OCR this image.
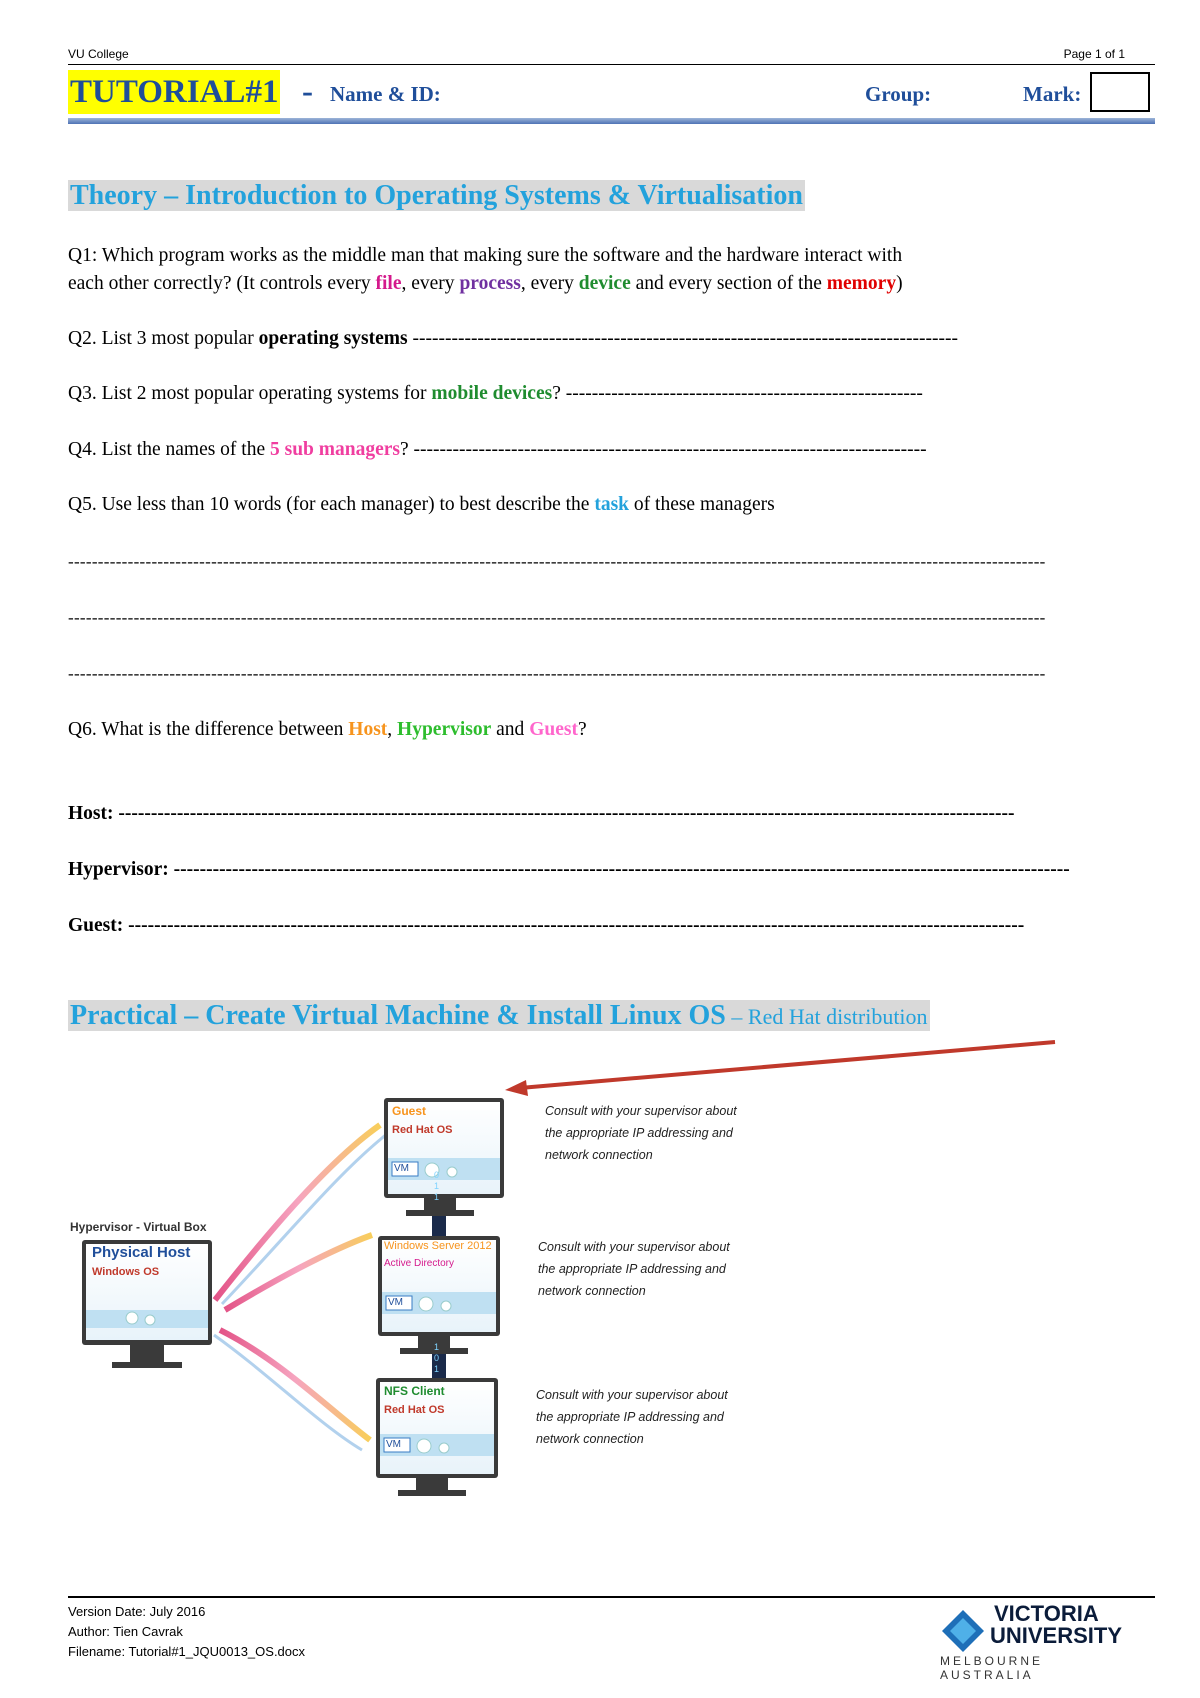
VU College	Page 1 of 1
TUTORIAL#1 - Name & ID:	Group:	Mark:
Theory – Introduction to Operating Systems & Virtualisation
Q1: Which program works as the middle man that making sure the software and the hardware interact with
each other correctly? (It controls every file, every process, every device and every section of the memory)
Q2. List 3 most popular operating systems ------------------------------------------------------------------------------------
Q3. List 2 most popular operating systems for mobile devices? -------------------------------------------------------
Q4. List the names of the 5 sub managers? -------------------------------------------------------------------------------
Q5. Use less than 10 words (for each manager) to best describe the task of these managers
--------------------------------------------------------------------------------------------------------------------------------------------------------------------
--------------------------------------------------------------------------------------------------------------------------------------------------------------------
--------------------------------------------------------------------------------------------------------------------------------------------------------------------
Q6. What is the difference between Host, Hypervisor and Guest?
Host: ------------------------------------------------------------------------------------------------------------------------------------------
Hypervisor: ------------------------------------------------------------------------------------------------------------------------------------------
Guest: ------------------------------------------------------------------------------------------------------------------------------------------
Practical – Create Virtual Machine & Install Linux OS – Red Hat distribution
Hypervisor - Virtual Box
Physical Host
Windows OS
Guest
Red Hat OS
VM
Windows Server 2012
Active Directory
VM
NFS Client
Red Hat OS
VM
0 1 1
1 0 1
Consult with your supervisor about
the appropriate IP addressing and
network connection
Consult with your supervisor about
the appropriate IP addressing and
network connection
Consult with your supervisor about
the appropriate IP addressing and
network connection
Version Date: July 2016
Author: Tien Cavrak
Filename: Tutorial#1_JQU0013_OS.docx
VICTORIA
UNIVERSITY
MELBOURNE AUSTRALIA
